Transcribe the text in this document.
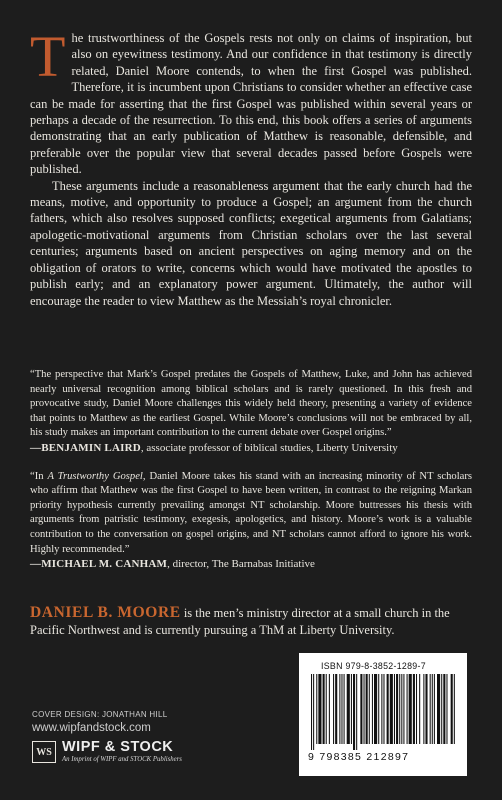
The trustworthiness of the Gospels rests not only on claims of inspiration, but also on eyewitness testimony. And our confidence in that testimony is directly related, Daniel Moore contends, to when the first Gospel was published. Therefore, it is incumbent upon Christians to consider whether an effective case can be made for asserting that the first Gospel was published within several years or perhaps a decade of the resurrection. To this end, this book offers a series of arguments demonstrating that an early publication of Matthew is reasonable, defensible, and preferable over the popular view that several decades passed before Gospels were published.

These arguments include a reasonableness argument that the early church had the means, motive, and opportunity to produce a Gospel; an argument from the church fathers, which also resolves supposed conflicts; exegetical arguments from Galatians; apologetic-motivational arguments from Christian scholars over the last several centuries; arguments based on ancient perspectives on aging memory and on the obligation of orators to write, concerns which would have motivated the apostles to publish early; and an explanatory power argument. Ultimately, the author will encourage the reader to view Matthew as the Messiah’s royal chronicler.

“The perspective that Mark’s Gospel predates the Gospels of Matthew, Luke, and John has achieved nearly universal recognition among biblical scholars and is rarely questioned. In this fresh and provocative study, Daniel Moore challenges this widely held theory, presenting a variety of evidence that points to Matthew as the earliest Gospel. While Moore’s conclusions will not be embraced by all, his study makes an important contribution to the current debate over Gospel origins.”

—BENJAMIN LAIRD, associate professor of biblical studies, Liberty University

“In A Trustworthy Gospel, Daniel Moore takes his stand with an increasing minority of NT scholars who affirm that Matthew was the first Gospel to have been written, in contrast to the reigning Markan priority hypothesis currently prevailing amongst NT scholarship. Moore buttresses his thesis with arguments from patristic testimony, exegesis, apologetics, and history. Moore’s work is a valuable contribution to the conversation on gospel origins, and NT scholars cannot afford to ignore his work. Highly recommended.”

—MICHAEL M. CANHAM, director, The Barnabas Initiative

DANIEL B. MOORE is the men’s ministry director at a small church in the Pacific Northwest and is currently pursuing a ThM at Liberty University.
COVER DESIGN: JONATHAN HILL
www.wipfandstock.com
WS WIPF & STOCK
An Imprint of WIPF and STOCK Publishers
ISBN 979-8-3852-1289-7
9 798385 212897
